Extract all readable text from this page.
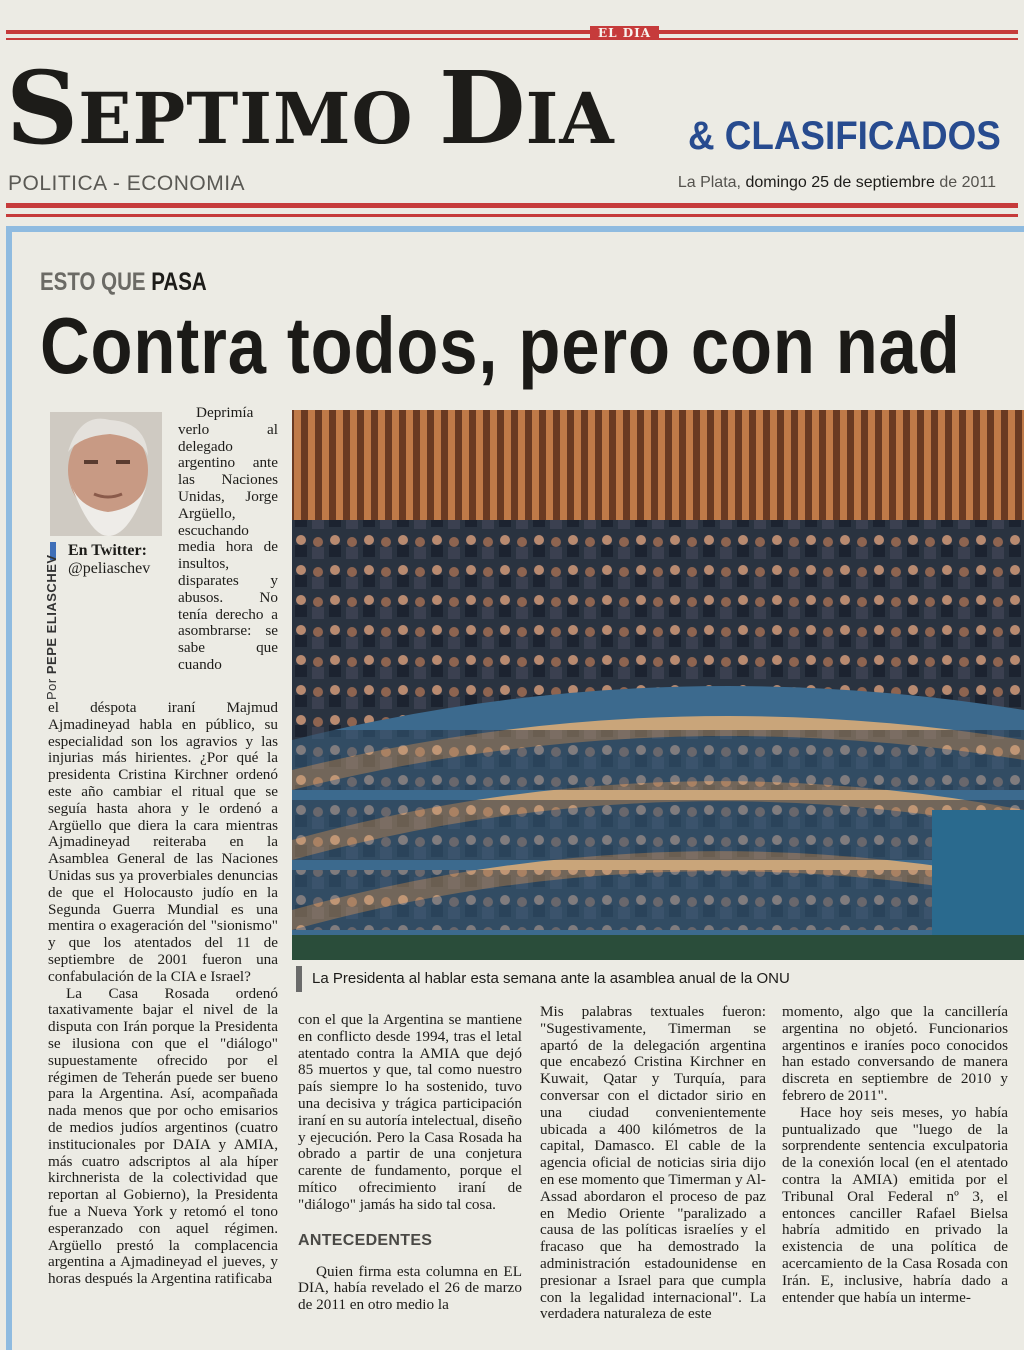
EL DIA
SEPTIMO DIA & CLASIFICADOS
POLITICA - ECONOMIA	La Plata, domingo 25 de septiembre de 2011
ESTO QUE PASA
Contra todos, pero con nad
En Twitter:
@peliaschev
Por PEPE ELIASCHEV

Deprimía verlo al delegado argentino ante las Naciones Unidas, Jorge Argüello, escuchando media hora de insultos, disparates y abusos. No tenía derecho a asombrarse: se sabe que cuando

el déspota iraní Majmud Ajmadineyad habla en público, su especialidad son los agravios y las injurias más hirientes. ¿Por qué la presidenta Cristina Kirchner ordenó este año cambiar el ritual que se seguía hasta ahora y le ordenó a Argüello que diera la cara mientras Ajmadineyad reiteraba en la Asamblea General de las Naciones Unidas sus ya proverbiales denuncias de que el Holocausto judío en la Segunda Guerra Mundial es una mentira o exageración del "sionismo" y que los atentados del 11 de septiembre de 2001 fueron una confabulación de la CIA e Israel?

La Casa Rosada ordenó taxativamente bajar el nivel de la disputa con Irán porque la Presidenta se ilusiona con que el "diálogo" supuestamente ofrecido por el régimen de Teherán puede ser bueno para la Argentina. Así, acompañada nada menos que por ocho emisarios de medios judíos argentinos (cuatro institucionales por DAIA y AMIA, más cuatro adscriptos al ala híper kirchnerista de la colectividad que reportan al Gobierno), la Presidenta fue a Nueva York y retomó el tono esperanzado con aquel régimen. Argüello prestó la complacencia argentina a Ajmadineyad el jueves, y horas después la Argentina ratificaba

La Presidenta al hablar esta semana ante la asamblea anual de la ONU

con el que la Argentina se mantiene en conflicto desde 1994, tras el letal atentado contra la AMIA que dejó 85 muertos y que, tal como nuestro país siempre lo ha sostenido, tuvo una decisiva y trágica participación iraní en su autoría intelectual, diseño y ejecución. Pero la Casa Rosada ha obrado a partir de una conjetura carente de fundamento, porque el mítico ofrecimiento iraní de "diálogo" jamás ha sido tal cosa.

ANTECEDENTES

Quien firma esta columna en EL DIA, había revelado el 26 de marzo de 2011 en otro medio la

Mis palabras textuales fueron: "Sugestivamente, Timerman se apartó de la delegación argentina que encabezó Cristina Kirchner en Kuwait, Qatar y Turquía, para conversar con el dictador sirio en una ciudad convenientemente ubicada a 400 kilómetros de la capital, Damasco. El cable de la agencia oficial de noticias siria dijo en ese momento que Timerman y Al-Assad abordaron el proceso de paz en Medio Oriente "paralizado a causa de las políticas israelíes y el fracaso que ha demostrado la administración estadounidense en presionar a Israel para que cumpla con la legalidad internacional". La verdadera naturaleza de este

momento, algo que la cancillería argentina no objetó. Funcionarios argentinos e iraníes poco conocidos han estado conversando de manera discreta en septiembre de 2010 y febrero de 2011".

Hace hoy seis meses, yo había puntualizado que "luego de la sorprendente sentencia exculpatoria de la conexión local (en el atentado contra la AMIA) emitida por el Tribunal Oral Federal nº 3, el entonces canciller Rafael Bielsa habría admitido en privado la existencia de una política de acercamiento de la Casa Rosada con Irán. E, inclusive, habría dado a entender que había un interme-
